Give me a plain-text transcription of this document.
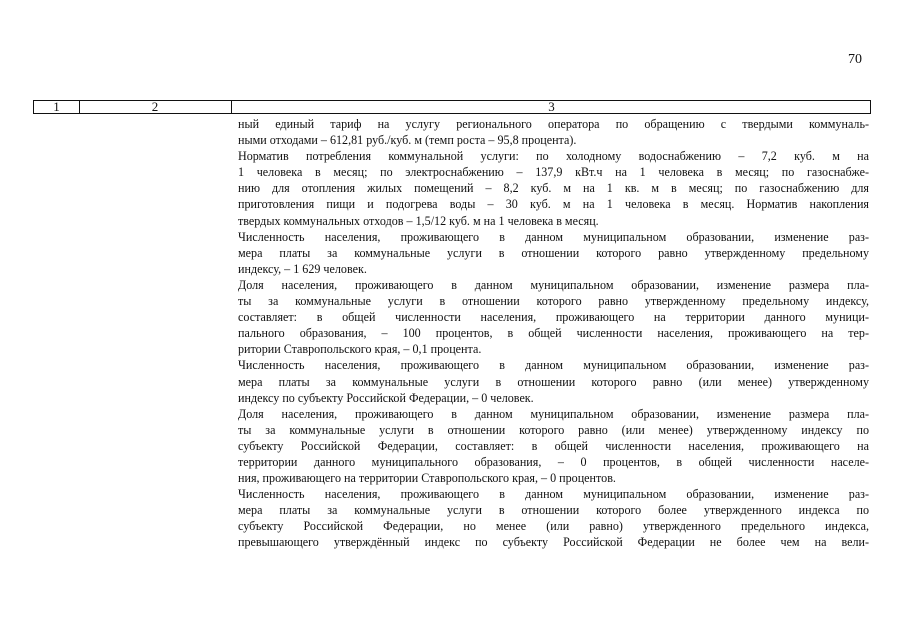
70
1	2	3
ный единый тариф на услугу регионального оператора по обращению с твердыми коммуналь-
ными отходами – 612,81 руб./куб. м (темп роста – 95,8 процента).
Норматив потребления коммунальной услуги: по холодному водоснабжению – 7,2 куб. м на
1 человека в месяц; по электроснабжению – 137,9 кВт.ч на 1 человека в месяц; по газоснабже-
нию для отопления жилых помещений – 8,2 куб. м на 1 кв. м в месяц; по газоснабжению для
приготовления пищи и подогрева воды – 30 куб. м на 1 человека в месяц. Норматив накопления
твердых коммунальных отходов – 1,5/12 куб. м на 1 человека в месяц.
Численность населения, проживающего в данном муниципальном образовании, изменение раз-
мера платы за коммунальные услуги в отношении которого равно утвержденному предельному
индексу, – 1 629 человек.
Доля населения, проживающего в данном муниципальном образовании, изменение размера пла-
ты за коммунальные услуги в отношении которого равно утвержденному предельному индексу,
составляет: в общей численности населения, проживающего на территории данного муници-
пального образования, – 100 процентов, в общей численности населения, проживающего на тер-
ритории Ставропольского края, – 0,1 процента.
Численность населения, проживающего в данном муниципальном образовании, изменение раз-
мера платы за коммунальные услуги в отношении которого равно (или менее) утвержденному
индексу по субъекту Российской Федерации, – 0 человек.
Доля населения, проживающего в данном муниципальном образовании, изменение размера пла-
ты за коммунальные услуги в отношении которого равно (или менее) утвержденному индексу по
субъекту Российской Федерации, составляет: в общей численности населения, проживающего на
территории данного муниципального образования, – 0 процентов, в общей численности населе-
ния, проживающего на территории Ставропольского края, – 0 процентов.
Численность населения, проживающего в данном муниципальном образовании, изменение раз-
мера платы за коммунальные услуги в отношении которого более утвержденного индекса по
субъекту Российской Федерации, но менее (или равно) утвержденного предельного индекса,
превышающего утверждённый индекс по субъекту Российской Федерации не более чем на вели-
